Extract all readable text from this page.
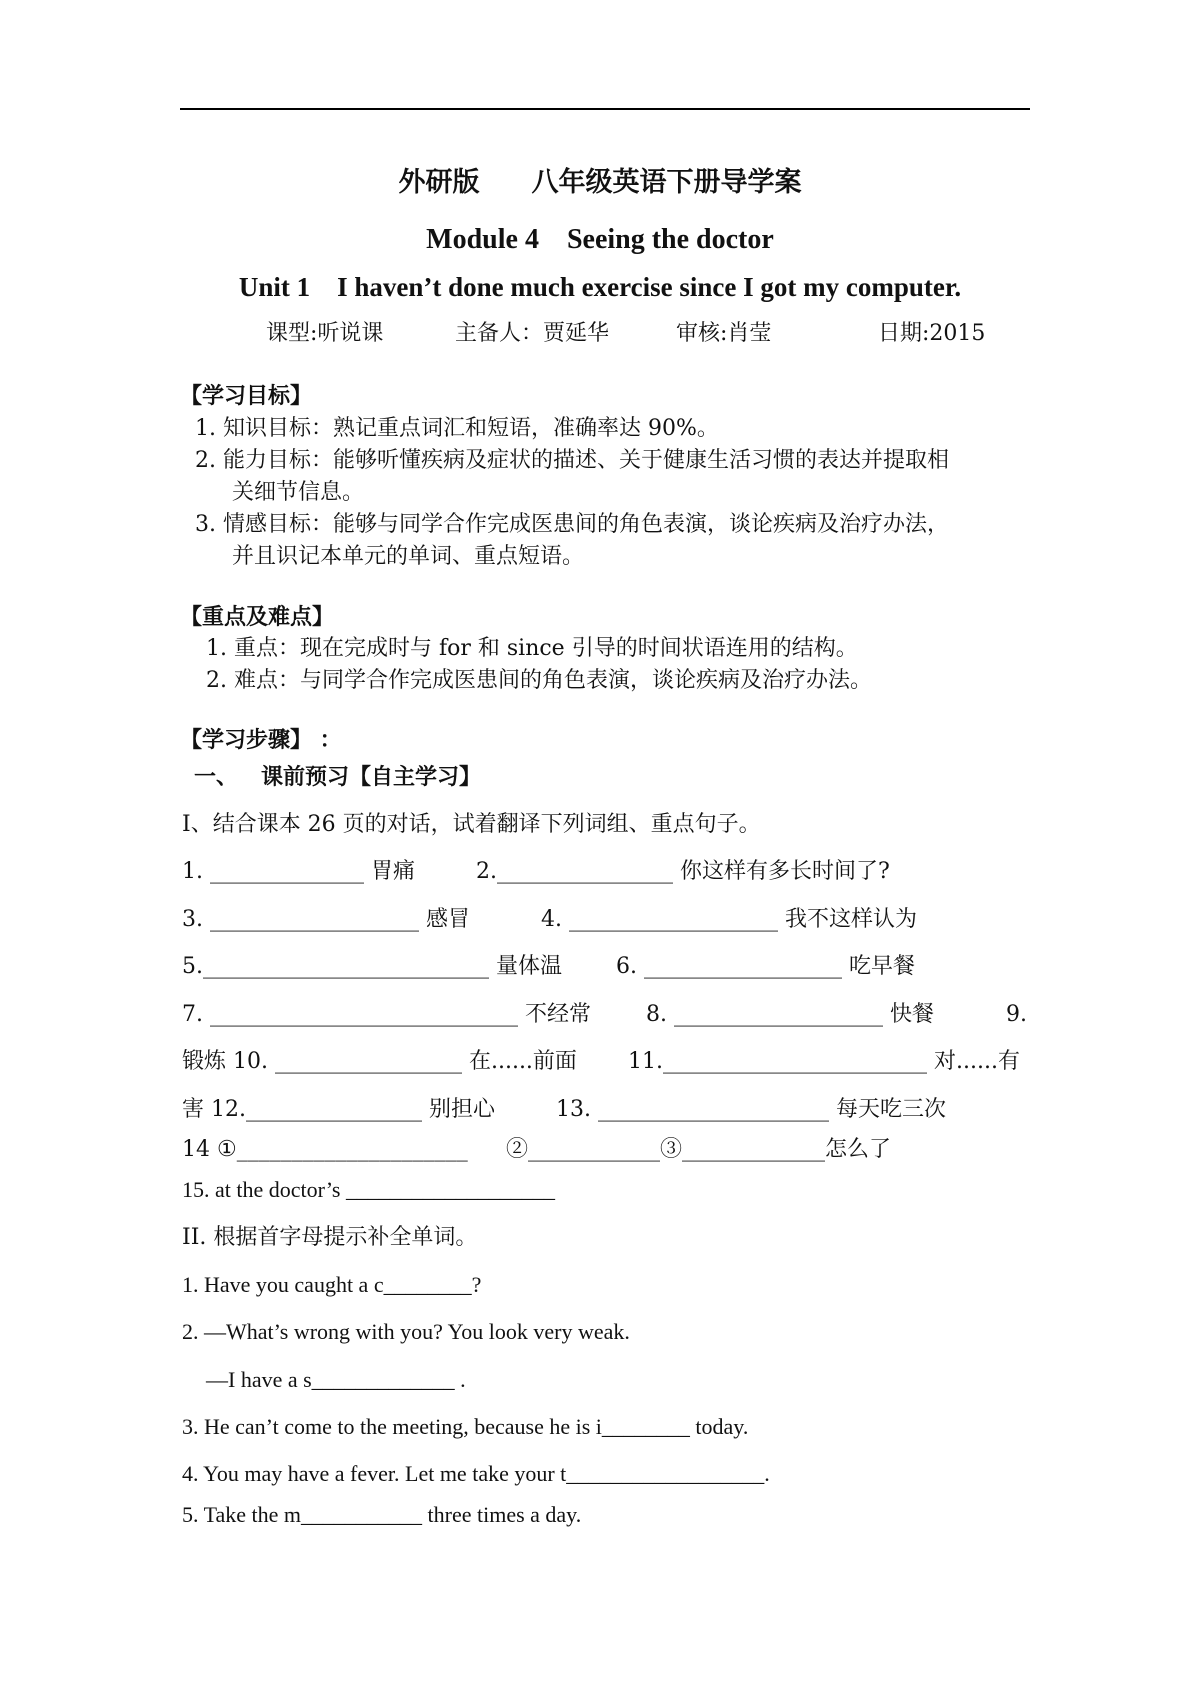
外研版 八年级英语下册导学案
Module 4    Seeing the doctor
Unit 1    I haven’t done much exercise since I got my computer.
课型:听说课	主备人：贾延华	审核:肖莹	日期:2015
【学习目标】
1. 知识目标：熟记重点词汇和短语，准确率达 90%。
2. 能力目标：能够听懂疾病及症状的描述、关于健康生活习惯的表达并提取相
关细节信息。
3. 情感目标：能够与同学合作完成医患间的角色表演，谈论疾病及治疗办法，
并且识记本单元的单词、重点短语。
【重点及难点】
1. 重点：现在完成时与 for 和 since 引导的时间状语连用的结构。
2. 难点：与同学合作完成医患间的角色表演，谈论疾病及治疗办法。
【学习步骤】 ：
一、   课前预习【自主学习】
I、结合课本 26 页的对话，试着翻译下列词组、重点句子。
1. ______________ 胃痛	2.________________ 你这样有多长时间了?
3. ___________________ 感冒	4. ___________________ 我不这样认为
5.__________________________ 量体温 6. __________________ 吃早餐
7. ____________________________ 不经常	8. ___________________ 快餐	9.
锻炼 10. _________________ 在......前面 11.________________________ 对......有
害 12.________________ 别担心	13. _____________________ 每天吃三次
14 ①_____________________ ②____________③_____________怎么了
15. at the doctor’s ___________________
II. 根据首字母提示补全单词。
1. Have you caught a c________?
2. —What’s wrong with you? You look very weak.
—I have a s_____________ .
3. He can’t come to the meeting, because he is i________ today.
4. You may have a fever. Let me take your t__________________.
5. Take the m___________ three times a day.
